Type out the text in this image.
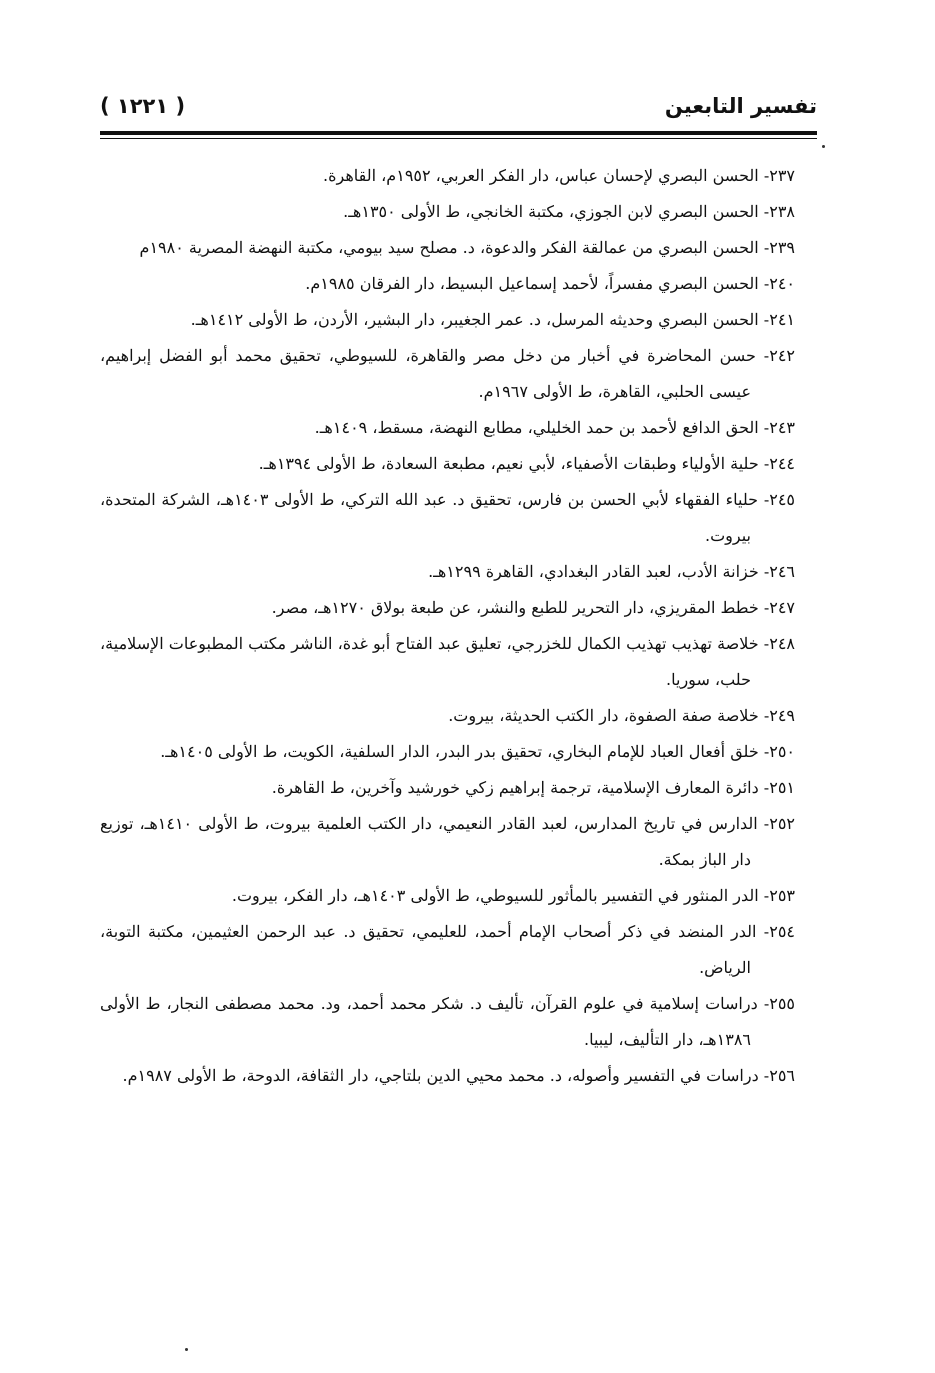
تفسير التابعين
( ١٢٢١ )

٢٣٧- الحسن البصري لإحسان عباس، دار الفكر العربي، ١٩٥٢م، القاهرة.

٢٣٨- الحسن البصري لابن الجوزي، مكتبة الخانجي، ط الأولى ١٣٥٠هـ.

٢٣٩- الحسن البصري من عمالقة الفكر والدعوة، د. مصلح سيد بيومي، مكتبة النهضة المصرية ١٩٨٠م

٢٤٠- الحسن البصري مفسراً، لأحمد إسماعيل البسيط، دار الفرقان ١٩٨٥م.

٢٤١- الحسن البصري وحديثه المرسل، د. عمر الجغيبر، دار البشير، الأردن، ط الأولى ١٤١٢هـ.

٢٤٢- حسن المحاضرة في أخبار من دخل مصر والقاهرة، للسيوطي، تحقيق محمد أبو الفضل إبراهيم، عيسى الحلبي، القاهرة، ط الأولى ١٩٦٧م.

٢٤٣- الحق الدافع لأحمد بن حمد الخليلي، مطابع النهضة، مسقط، ١٤٠٩هـ.

٢٤٤- حلية الأولياء وطبقات الأصفياء، لأبي نعيم، مطبعة السعادة، ط الأولى ١٣٩٤هـ.

٢٤٥- حلياء الفقهاء لأبي الحسن بن فارس، تحقيق د. عبد الله التركي، ط الأولى ١٤٠٣هـ، الشركة المتحدة، بيروت.

٢٤٦- خزانة الأدب، لعبد القادر البغدادي، القاهرة ١٢٩٩هـ.

٢٤٧- خطط المقريزي، دار التحرير للطبع والنشر، عن طبعة بولاق ١٢٧٠هـ، مصر.

٢٤٨- خلاصة تهذيب تهذيب الكمال للخزرجي، تعليق عبد الفتاح أبو غدة، الناشر مكتب المطبوعات الإسلامية، حلب، سوريا.

٢٤٩- خلاصة صفة الصفوة، دار الكتب الحديثة، بيروت.

٢٥٠- خلق أفعال العباد للإمام البخاري، تحقيق بدر البدر، الدار السلفية، الكويت، ط الأولى ١٤٠٥هـ.

٢٥١- دائرة المعارف الإسلامية، ترجمة إبراهيم زكي خورشيد وآخرين، ط القاهرة.

٢٥٢- الدارس في تاريخ المدارس، لعبد القادر النعيمي، دار الكتب العلمية بيروت، ط الأولى ١٤١٠هـ، توزيع دار الباز بمكة.

٢٥٣- الدر المنثور في التفسير بالمأثور للسيوطي، ط الأولى ١٤٠٣هـ، دار الفكر، بيروت.

٢٥٤- الدر المنضد في ذكر أصحاب الإمام أحمد، للعليمي، تحقيق د. عبد الرحمن العثيمين، مكتبة التوبة، الرياض.

٢٥٥- دراسات إسلامية في علوم القرآن، تأليف د. شكر محمد أحمد، ود. محمد مصطفى النجار، ط الأولى ١٣٨٦هـ، دار التأليف، ليبيا.

٢٥٦- دراسات في التفسير وأصوله، د. محمد محيي الدين بلتاجي، دار الثقافة، الدوحة، ط الأولى ١٩٨٧م.
